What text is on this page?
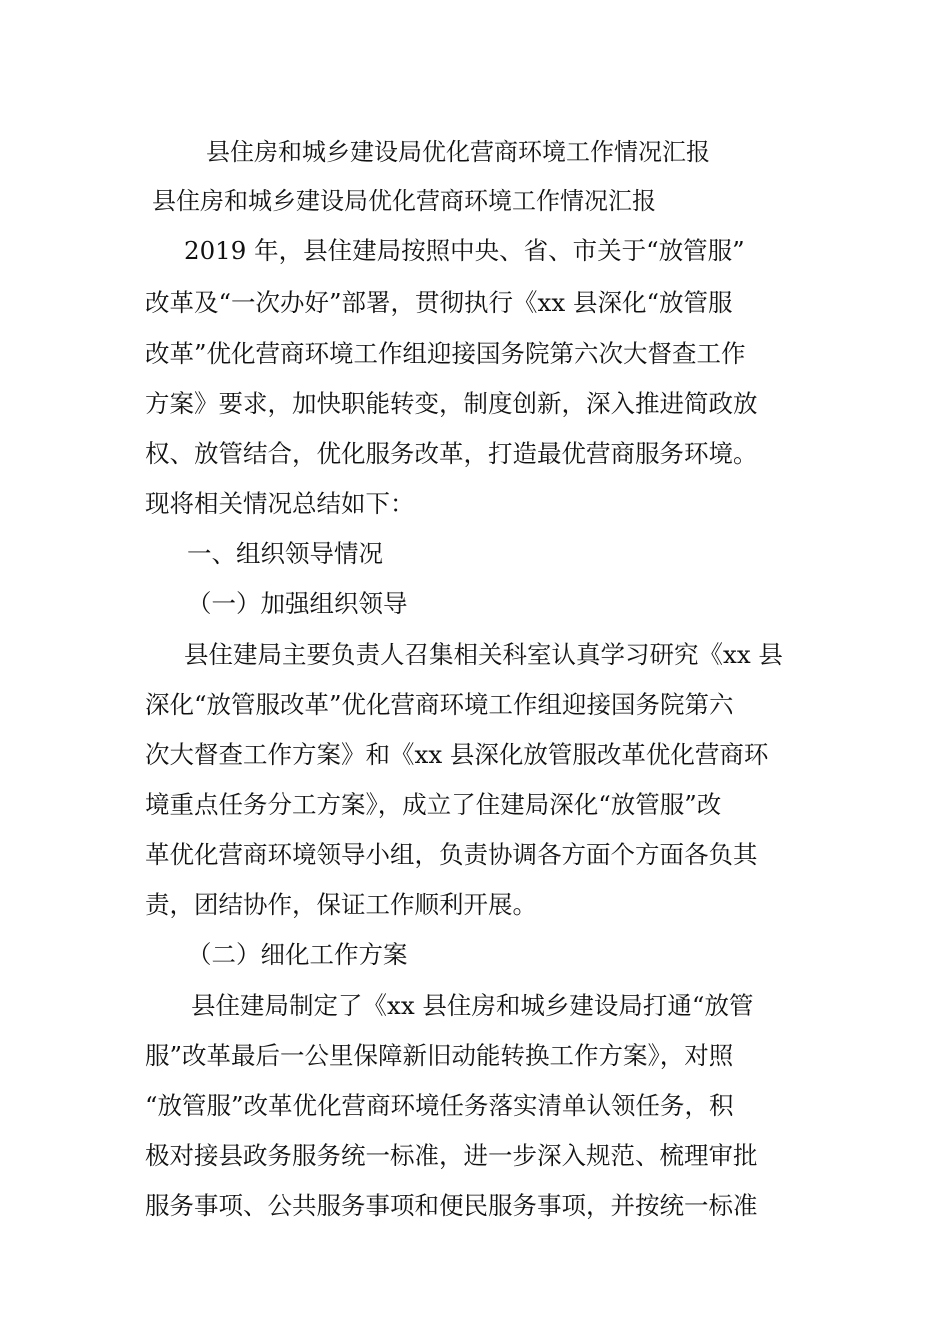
县住房和城乡建设局优化营商环境工作情况汇报
县住房和城乡建设局优化营商环境工作情况汇报
2019 年，县住建局按照中央、省、市关于“放管服”
改革及“一次办好”部署，贯彻执行《xx 县深化“放管服
改革”优化营商环境工作组迎接国务院第六次大督查工作
方案》要求，加快职能转变，制度创新，深入推进简政放
权、放管结合，优化服务改革，打造最优营商服务环境。
现将相关情况总结如下：
一、组织领导情况
（一）加强组织领导
县住建局主要负责人召集相关科室认真学习研究《xx 县
深化“放管服改革”优化营商环境工作组迎接国务院第六
次大督查工作方案》和《xx 县深化放管服改革优化营商环
境重点任务分工方案》，成立了住建局深化“放管服”改
革优化营商环境领导小组，负责协调各方面个方面各负其
责，团结协作，保证工作顺利开展。
（二）细化工作方案
县住建局制定了《xx 县住房和城乡建设局打通“放管
服”改革最后一公里保障新旧动能转换工作方案》，对照
“放管服”改革优化营商环境任务落实清单认领任务，积
极对接县政务服务统一标准，进一步深入规范、梳理审批
服务事项、公共服务事项和便民服务事项，并按统一标准
